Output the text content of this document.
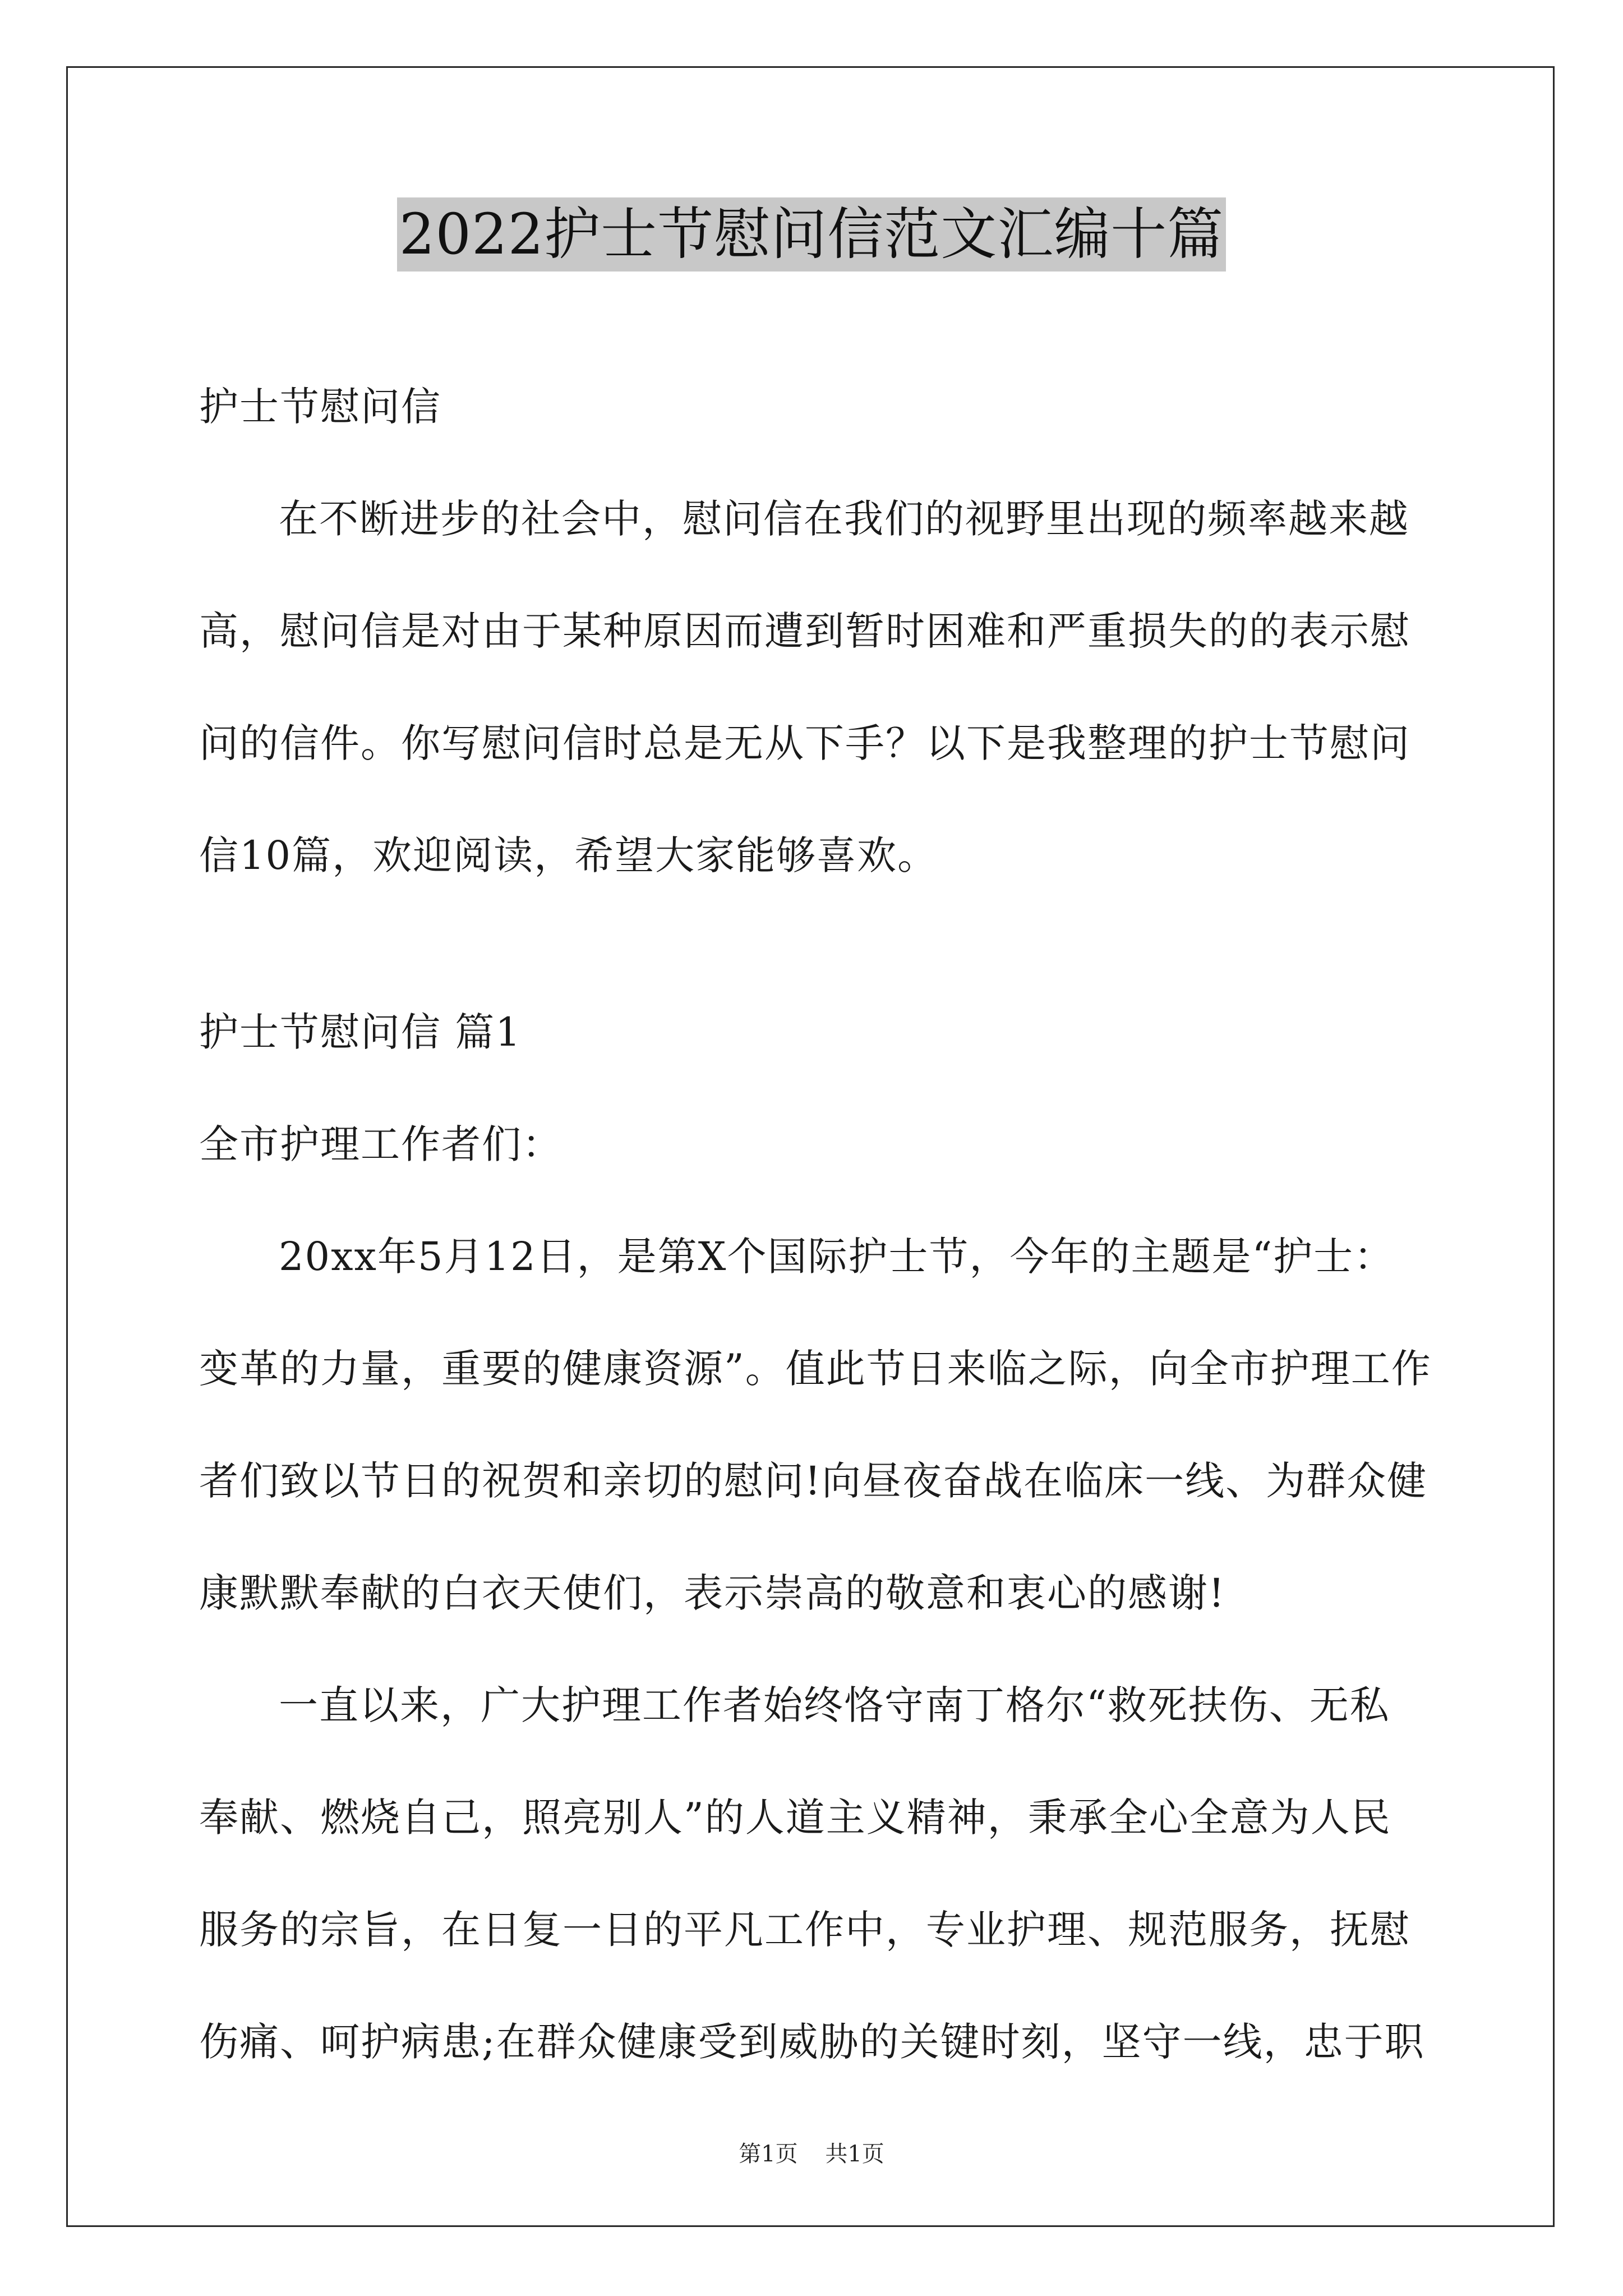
2022护士节慰问信范文汇编十篇

护士节慰问信

在不断进步的社会中，慰问信在我们的视野里出现的频率越来越

高，慰问信是对由于某种原因而遭到暂时困难和严重损失的的表示慰

问的信件。你写慰问信时总是无从下手？以下是我整理的护士节慰问

信10篇，欢迎阅读，希望大家能够喜欢。

护士节慰问信 篇1

全市护理工作者们：

20xx年5月12日，是第X个国际护士节，今年的主题是“护士：

变革的力量，重要的健康资源”。值此节日来临之际，向全市护理工作

者们致以节日的祝贺和亲切的慰问!向昼夜奋战在临床一线、为群众健

康默默奉献的白衣天使们，表示崇高的敬意和衷心的感谢!

一直以来，广大护理工作者始终恪守南丁格尔“救死扶伤、无私

奉献、燃烧自己，照亮别人”的人道主义精神，秉承全心全意为人民

服务的宗旨，在日复一日的平凡工作中，专业护理、规范服务，抚慰

伤痛、呵护病患;在群众健康受到威胁的关键时刻，坚守一线，忠于职

第1页 共1页
